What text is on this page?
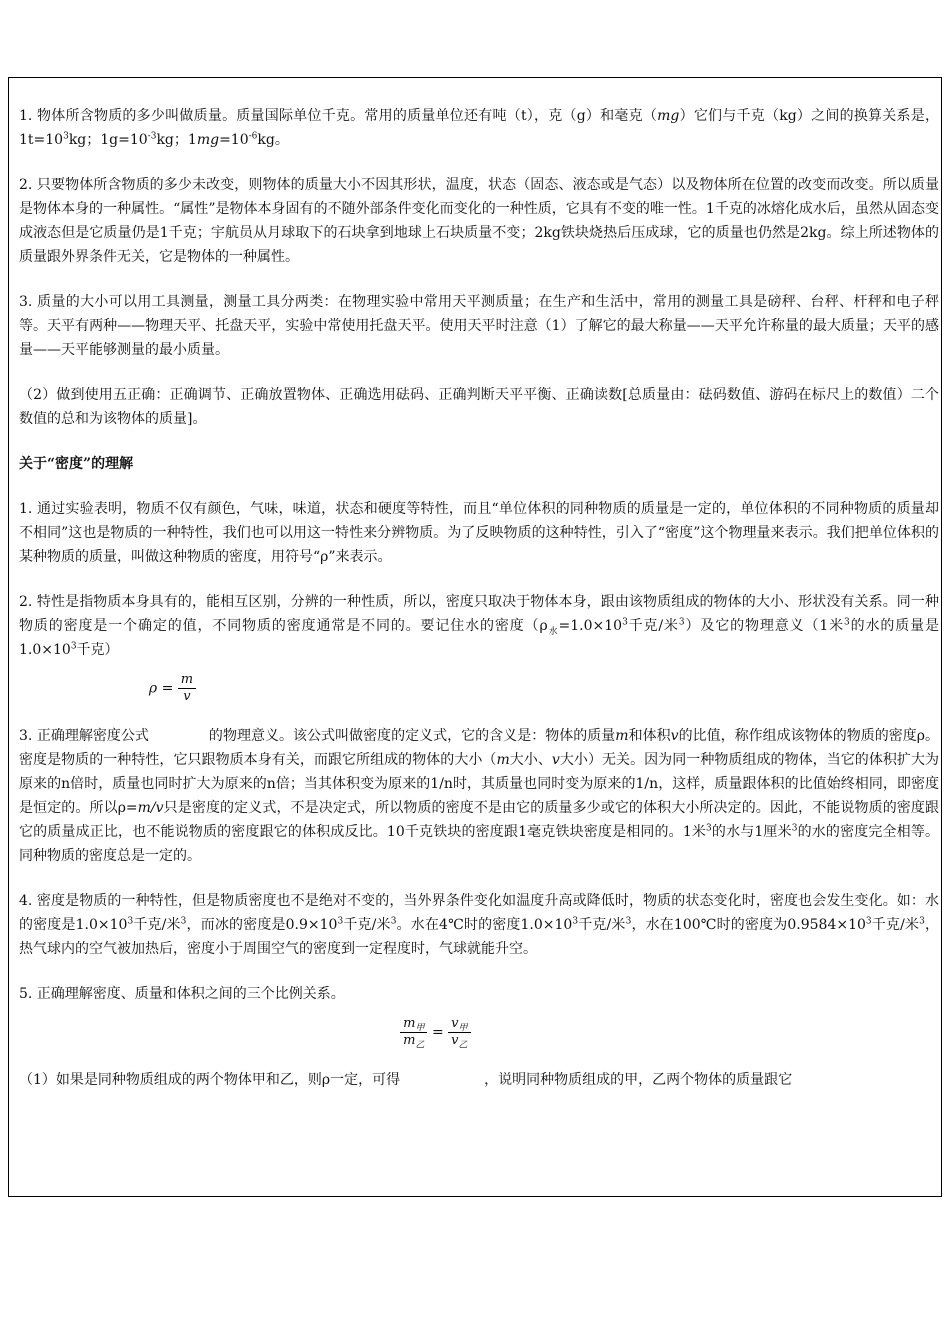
1. 物体所含物质的多少叫做质量。质量国际单位千克。常用的质量单位还有吨（t），克（g）和毫克（mg）它们与千克（kg）之间的换算关系是，$1t=10^3kg$；$1g=10^{-3}kg$；$1mg=10^{-6}kg$。

2. 只要物体所含物质的多少未改变，则物体的质量大小不因其形状，温度，状态（固态、液态或是气态）以及物体所在位置的改变而改变。所以质量是物体本身的一种属性。“属性”是物体本身固有的不随外部条件变化而变化的一种性质，它具有不变的唯一性。1千克的冰熔化成水后，虽然从固态变成液态但是它质量仍是1千克；宇航员从月球取下的石块拿到地球上石块质量不变；2kg铁块烧热后压成球，它的质量也仍然是2kg。综上所述物体的质量跟外界条件无关，它是物体的一种属性。

3. 质量的大小可以用工具测量，测量工具分两类：在物理实验中常用天平测质量；在生产和生活中，常用的测量工具是磅秤、台秤、杆秤和电子秤等。天平有两种——物理天平、托盘天平，实验中常使用托盘天平。使用天平时注意（1）了解它的最大称量——天平允许称量的最大质量；天平的感量——天平能够测量的最小质量。

（2）做到使用五正确：正确调节、正确放置物体、正确选用砝码、正确判断天平平衡、正确读数[总质量由：砝码数值、游码在标尺上的数值）二个数值的总和为该物体的质量]。

关于“密度”的理解

1. 通过实验表明，物质不仅有颜色，气味，味道，状态和硬度等特性，而且“单位体积的同种物质的质量是一定的，单位体积的不同种物质的质量却不相同”这也是物质的一种特性，我们也可以用这一特性来分辨物质。为了反映物质的这种特性，引入了“密度”这个物理量来表示。我们把单位体积的某种物质的质量，叫做这种物质的密度，用符号“ρ”来表示。

2. 特性是指物质本身具有的，能相互区别，分辨的一种性质，所以，密度只取决于物体本身，跟由该物质组成的物体的大小、形状没有关系。同一种物质的密度是一个确定的值，不同物质的密度通常是不同的。要记住水的密度（$\rho_水=1.0\times 10^3$千克/米$^3$）及它的物理意义（1米$^3$的水的质量是$1.0\times 10^3$千克）

3. 正确理解密度公式
$\rho = \frac{m}{v}$
的物理意义。该公式叫做密度的定义式，它的含义是：物体的质量m和体积v的比值，称作组成该物体的物质的密度ρ。密度是物质的一种特性，它只跟物质本身有关，而跟它所组成的物体的大小（m大小、v大小）无关。因为同一种物质组成的物体，当它的体积扩大为原来的n倍时，质量也同时扩大为原来的n倍；当其体积变为原来的1/n时，其质量也同时变为原来的1/n，这样，质量跟体积的比值始终相同，即密度是恒定的。所以ρ=m/v只是密度的定义式，不是决定式，所以物质的密度不是由它的质量多少或它的体积大小所决定的。因此，不能说物质的密度跟它的质量成正比，也不能说物质的密度跟它的体积成反比。10千克铁块的密度跟1毫克铁块密度是相同的。1米$^3$的水与1厘米$^3$的水的密度完全相等。同种物质的密度总是一定的。

4. 密度是物质的一种特性，但是物质密度也不是绝对不变的，当外界条件变化如温度升高或降低时，物质的状态变化时，密度也会发生变化。如：水的密度是$1.0\times 10^3$千克/米$^3$，而冰的密度是$0.9\times 10^3$千克/米$^3$。水在4℃时的密度$1.0\times 10^3$千克/米$^3$，水在100℃时的密度为$0.9584\times 10^3$千克/米$^3$，热气球内的空气被加热后，密度小于周围空气的密度到一定程度时，气球就能升空。

5. 正确理解密度、质量和体积之间的三个比例关系。

（1）如果是同种物质组成的两个物体甲和乙，则ρ一定，可得
$\frac{m_甲}{m_乙} = \frac{v_甲}{v_乙}$
，说明同种物质组成的甲，乙两个物体的质量跟它
